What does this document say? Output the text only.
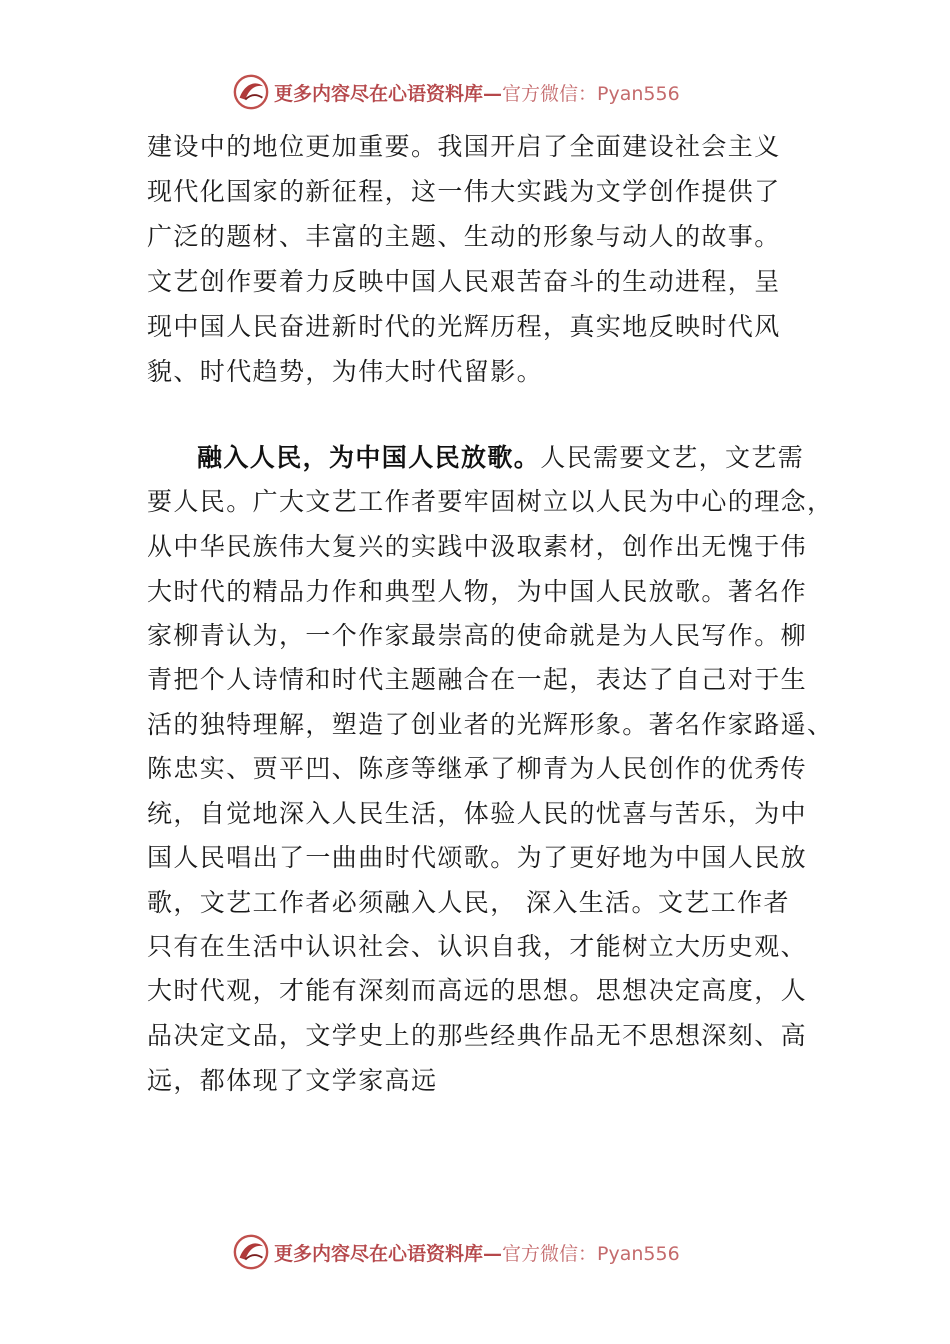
更多内容尽在心语资料库—官方微信：Pyan556
建设中的地位更加重要。我国开启了全面建设社会主义
现代化国家的新征程，这一伟大实践为文学创作提供了
广泛的题材、丰富的主题、生动的形象与动人的故事。
文艺创作要着力反映中国人民艰苦奋斗的生动进程，呈
现中国人民奋进新时代的光辉历程，真实地反映时代风
貌、时代趋势，为伟大时代留影。
融入人民，为中国人民放歌。人民需要文艺，文艺需
要人民。广大文艺工作者要牢固树立以人民为中心的理念，
从中华民族伟大复兴的实践中汲取素材，创作出无愧于伟
大时代的精品力作和典型人物，为中国人民放歌。著名作
家柳青认为，一个作家最崇高的使命就是为人民写作。柳
青把个人诗情和时代主题融合在一起，表达了自己对于生
活的独特理解，塑造了创业者的光辉形象。著名作家路遥、
陈忠实、贾平凹、陈彦等继承了柳青为人民创作的优秀传
统，自觉地深入人民生活，体验人民的忧喜与苦乐，为中
国人民唱出了一曲曲时代颂歌。为了更好地为中国人民放
歌，文艺工作者必须融入人民， 深入生活。文艺工作者
只有在生活中认识社会、认识自我，才能树立大历史观、
大时代观，才能有深刻而高远的思想。思想决定高度，人
品决定文品，文学史上的那些经典作品无不思想深刻、高
远，都体现了文学家高远
更多内容尽在心语资料库—官方微信：Pyan556
